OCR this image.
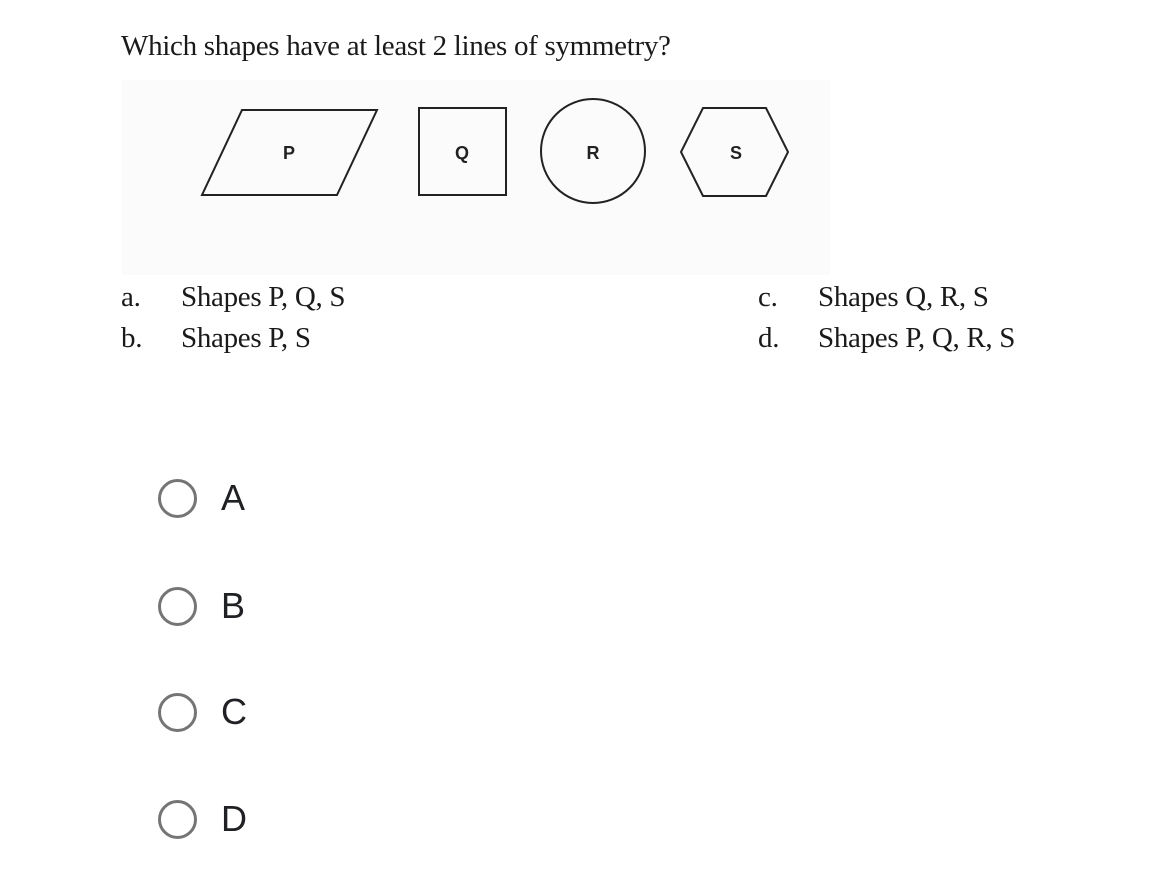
Which shapes have at least 2 lines of symmetry?
P	Q	R	S
a. Shapes P, Q, S
b. Shapes P, S
c. Shapes Q, R, S
d. Shapes P, Q, R, S
A
B
C
D
